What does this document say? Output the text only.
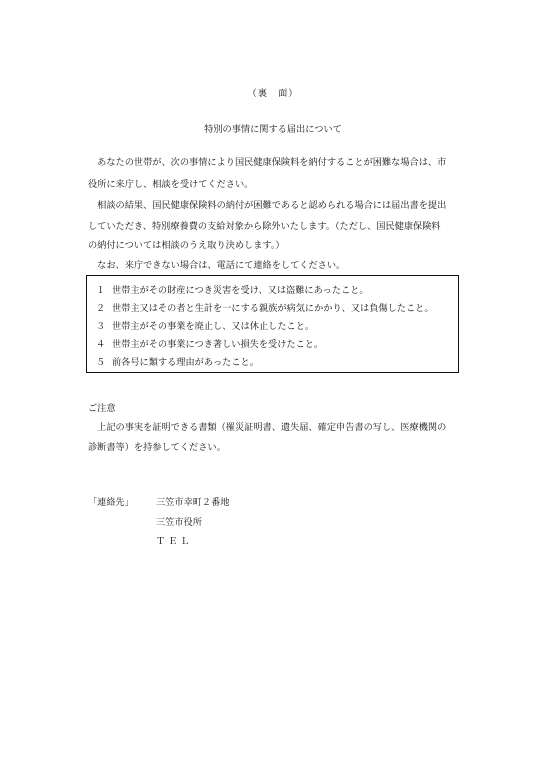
（裏　面）
特別の事情に関する届出について
　あなたの世帯が、次の事情により国民健康保険料を納付することが困難な場合は、市
役所に来庁し、相談を受けてください。
　相談の結果、国民健康保険料の納付が困難であると認められる場合には届出書を提出
していただき、特別療養費の支給対象から除外いたします。（ただし、国民健康保険料
の納付については相談のうえ取り決めします。）
　なお、来庁できない場合は、電話にて連絡をしてください。
１ 世帯主がその財産につき災害を受け、又は盗難にあったこと。
２ 世帯主又はその者と生計を一にする親族が病気にかかり、又は負傷したこと。
３ 世帯主がその事業を廃止し、又は休止したこと。
４ 世帯主がその事業につき著しい損失を受けたこと。
５ 前各号に類する理由があったこと。
ご注意
　上記の事実を証明できる書類（罹災証明書、遺失届、確定申告書の写し、医療機関の
診断書等）を持参してください。
「連絡先」 三笠市幸町２番地
三笠市役所
ＴＥＬ
